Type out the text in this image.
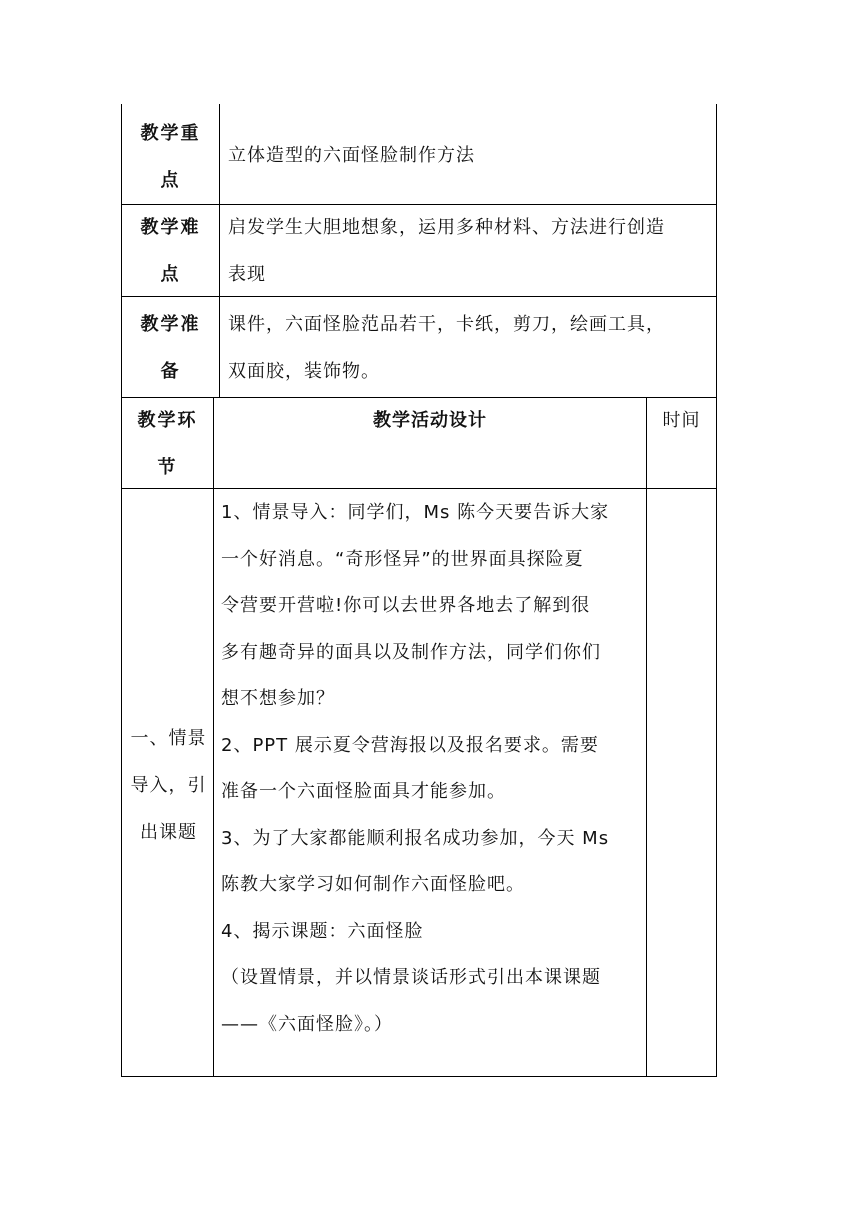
教学重
点
立体造型的六面怪脸制作方法
教学难
点
启发学生大胆地想象，运用多种材料、方法进行创造
表现
教学准
备
课件，六面怪脸范品若干，卡纸，剪刀，绘画工具，
双面胶，装饰物。
教学环
节
教学活动设计	时间
一、情景
导入，引
出课题
1、情景导入：同学们，Ms 陈今天要告诉大家
一个好消息。“奇形怪异”的世界面具探险夏
令营要开营啦!你可以去世界各地去了解到很
多有趣奇异的面具以及制作方法，同学们你们
想不想参加？
2、PPT 展示夏令营海报以及报名要求。需要
准备一个六面怪脸面具才能参加。
3、为了大家都能顺利报名成功参加，今天 Ms
陈教大家学习如何制作六面怪脸吧。
4、揭示课题：六面怪脸
（设置情景，并以情景谈话形式引出本课课题
——《六面怪脸》。）
